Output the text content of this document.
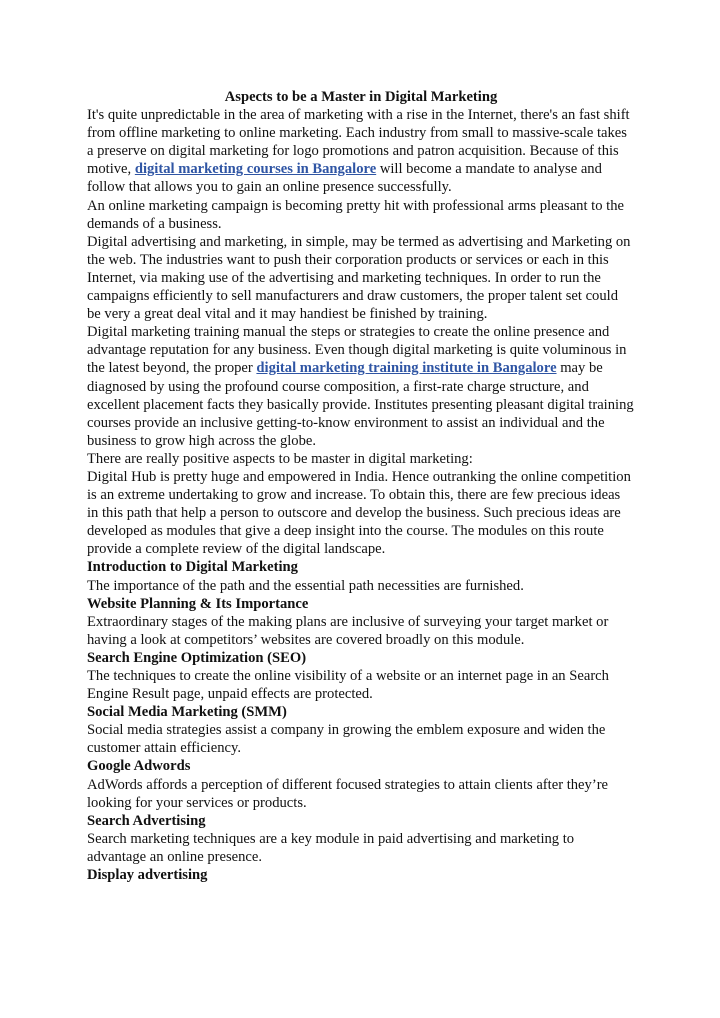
Aspects to be a Master in Digital Marketing

It's quite unpredictable in the area of marketing with a rise in the Internet, there's an fast shift from offline marketing to online marketing. Each industry from small to massive-scale takes a preserve on digital marketing for logo promotions and patron acquisition. Because of this motive, digital marketing courses in Bangalore will become a mandate to analyse and follow that allows you to gain an online presence successfully.

An online marketing campaign is becoming pretty hit with professional arms pleasant to the demands of a business.

Digital advertising and marketing, in simple, may be termed as advertising and Marketing on the web. The industries want to push their corporation products or services or each in this Internet, via making use of the advertising and marketing techniques. In order to run the campaigns efficiently to sell manufacturers and draw customers, the proper talent set could be very a great deal vital and it may handiest be finished by training.

Digital marketing training manual the steps or strategies to create the online presence and advantage reputation for any business. Even though digital marketing is quite voluminous in the latest beyond, the proper digital marketing training institute in Bangalore may be diagnosed by using the profound course composition, a first-rate charge structure, and excellent placement facts they basically provide. Institutes presenting pleasant digital training courses provide an inclusive getting-to-know environment to assist an individual and the business to grow high across the globe.

There are really positive aspects to be master in digital marketing:

Digital Hub is pretty huge and empowered in India. Hence outranking the online competition is an extreme undertaking to grow and increase. To obtain this, there are few precious ideas in this path that help a person to outscore and develop the business. Such precious ideas are developed as modules that give a deep insight into the course. The modules on this route provide a complete review of the digital landscape.

Introduction to Digital Marketing

The importance of the path and the essential path necessities are furnished.

Website Planning & Its Importance

Extraordinary stages of the making plans are inclusive of surveying your target market or having a look at competitors’ websites are covered broadly on this module.

Search Engine Optimization (SEO)

The techniques to create the online visibility of a website or an internet page in an Search Engine Result page, unpaid effects are protected.

Social Media Marketing (SMM)

Social media strategies assist a company in growing the emblem exposure and widen the customer attain efficiency.

Google Adwords

AdWords affords a perception of different focused strategies to attain clients after they’re looking for your services or products.

Search Advertising

Search marketing techniques are a key module in paid advertising and marketing to advantage an online presence.

Display advertising
